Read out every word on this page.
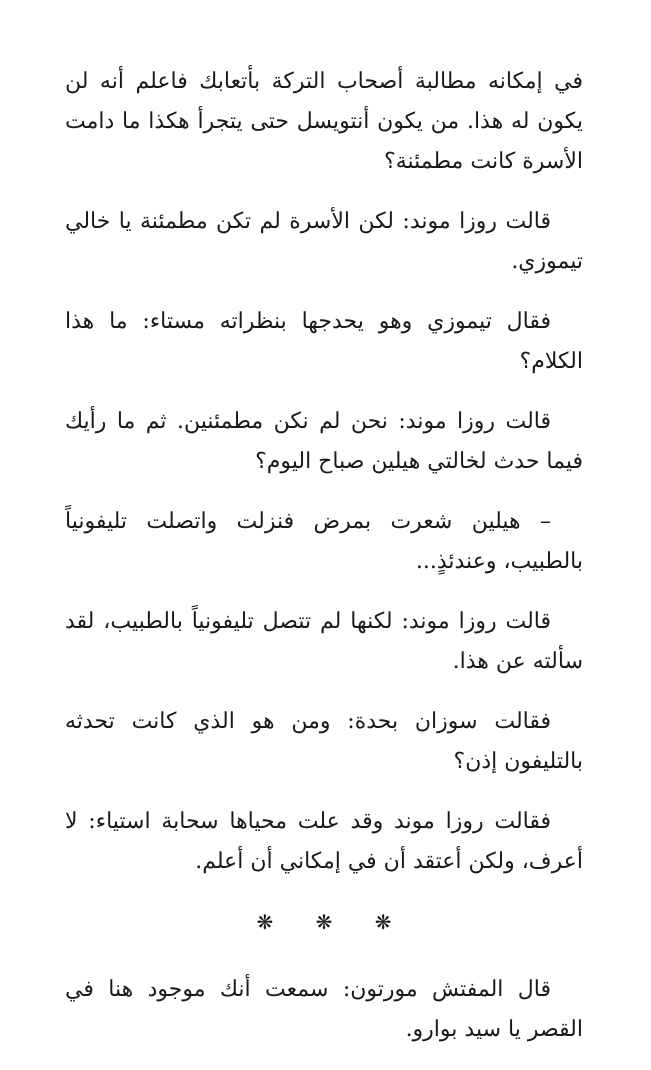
في إمكانه مطالبة أصحاب التركة بأتعابك فاعلم أنه لن يكون له هذا. من يكون أنتويسل حتى يتجرأ هكذا ما دامت الأسرة كانت مطمئنة؟

قالت روزا موند: لكن الأسرة لم تكن مطمئنة يا خالي تيموزي.

فقال تيموزي وهو يحدجها بنظراته مستاء: ما هذا الكلام؟

قالت روزا موند: نحن لم نكن مطمئنين. ثم ما رأيك فيما حدث لخالتي هيلين صباح اليوم؟

– هيلين شعرت بمرض فنزلت واتصلت تليفونياً بالطبيب، وعندئذٍ...

قالت روزا موند: لكنها لم تتصل تليفونياً بالطبيب، لقد سألته عن هذا.

فقالت سوزان بحدة: ومن هو الذي كانت تحدثه بالتليفون إذن؟

فقالت روزا موند وقد علت محياها سحابة استياء: لا أعرف، ولكن أعتقد أن في إمكاني أن أعلم.

❋ ❋ ❋

قال المفتش مورتون: سمعت أنك موجود هنا في القصر يا سيد بوارو.
